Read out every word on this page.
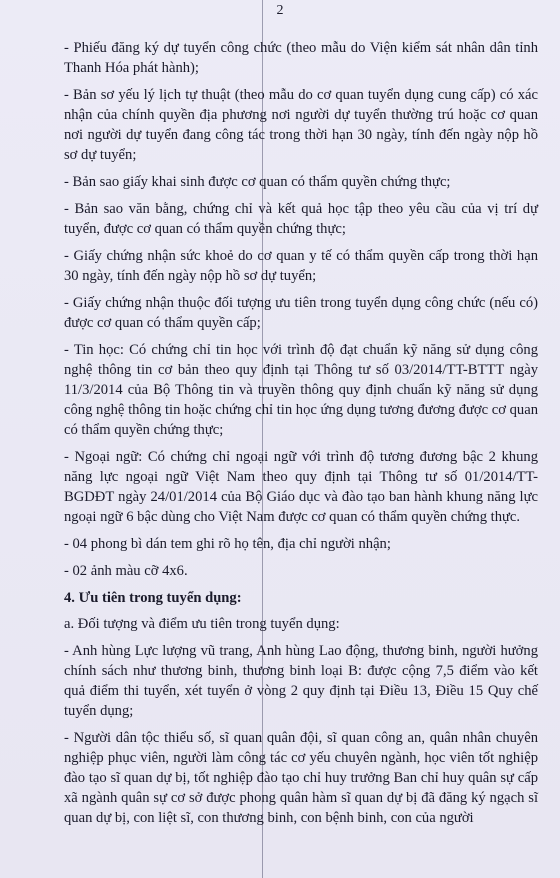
2

- Phiếu đăng ký dự tuyển công chức (theo mẫu do Viện kiểm sát nhân dân tỉnh Thanh Hóa phát hành);

- Bản sơ yếu lý lịch tự thuật (theo mẫu do cơ quan tuyển dụng cung cấp) có xác nhận của chính quyền địa phương nơi người dự tuyển thường trú hoặc cơ quan nơi người dự tuyển đang công tác trong thời hạn 30 ngày, tính đến ngày nộp hồ sơ dự tuyển;

- Bản sao giấy khai sinh được cơ quan có thẩm quyền chứng thực;

- Bản sao văn bằng, chứng chỉ và kết quả học tập theo yêu cầu của vị trí dự tuyển, được cơ quan có thẩm quyền chứng thực;

- Giấy chứng nhận sức khoẻ do cơ quan y tế có thẩm quyền cấp trong thời hạn 30 ngày, tính đến ngày nộp hồ sơ dự tuyển;

- Giấy chứng nhận thuộc đối tượng ưu tiên trong tuyển dụng công chức (nếu có) được cơ quan có thẩm quyền cấp;

- Tin học: Có chứng chỉ tin học với trình độ đạt chuẩn kỹ năng sử dụng công nghệ thông tin cơ bản theo quy định tại Thông tư số 03/2014/TT-BTTT ngày 11/3/2014 của Bộ Thông tin và truyền thông quy định chuẩn kỹ năng sử dụng công nghệ thông tin hoặc chứng chỉ tin học ứng dụng tương đương được cơ quan có thẩm quyền chứng thực;

- Ngoại ngữ: Có chứng chỉ ngoại ngữ với trình độ tương đương bậc 2 khung năng lực ngoại ngữ Việt Nam theo quy định tại Thông tư số 01/2014/TT-BGDĐT ngày 24/01/2014 của Bộ Giáo dục và đào tạo ban hành khung năng lực ngoại ngữ 6 bậc dùng cho Việt Nam được cơ quan có thẩm quyền chứng thực.

- 04 phong bì dán tem ghi rõ họ tên, địa chỉ người nhận;

- 02 ảnh màu cỡ 4x6.

4. Ưu tiên trong tuyển dụng:

a. Đối tượng và điểm ưu tiên trong tuyển dụng:

- Anh hùng Lực lượng vũ trang, Anh hùng Lao động, thương binh, người hưởng chính sách như thương binh, thương binh loại B: được cộng 7,5 điểm vào kết quả điểm thi tuyển, xét tuyển ở vòng 2 quy định tại Điều 13, Điều 15 Quy chế tuyển dụng;

- Người dân tộc thiểu số, sĩ quan quân đội, sĩ quan công an, quân nhân chuyên nghiệp phục viên, người làm công tác cơ yếu chuyên ngành, học viên tốt nghiệp đào tạo sĩ quan dự bị, tốt nghiệp đào tạo chỉ huy trưởng Ban chỉ huy quân sự cấp xã ngành quân sự cơ sở được phong quân hàm sĩ quan dự bị đã đăng ký ngạch sĩ quan dự bị, con liệt sĩ, con thương binh, con bệnh binh, con của người
